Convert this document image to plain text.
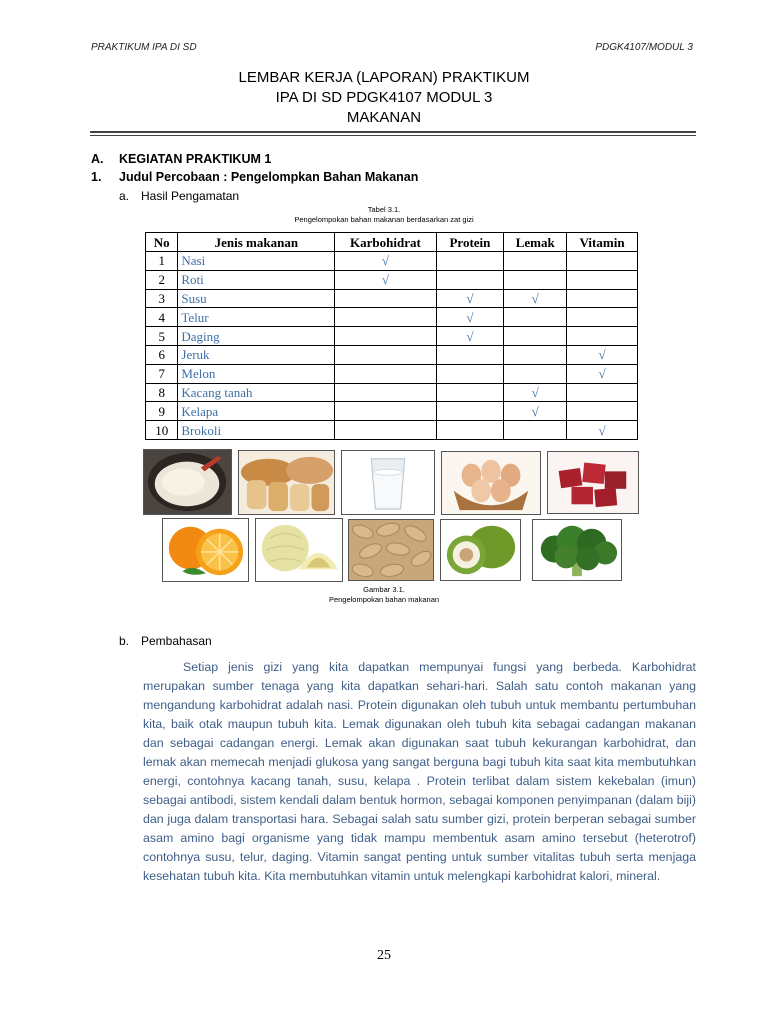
PRAKTIKUM IPA DI SD	PDGK4107/MODUL 3
LEMBAR KERJA (LAPORAN) PRAKTIKUM
IPA DI SD PDGK4107 MODUL 3
MAKANAN
A. KEGIATAN PRAKTIKUM 1
1. Judul Percobaan : Pengelompkan Bahan Makanan
a. Hasil Pengamatan
Tabel 3.1.
Pengelompokan bahan makanan berdasarkan zat gizi
No	Jenis makanan	Karbohidrat	Protein	Lemak	Vitamin
1	Nasi	√			
2	Roti	√			
3	Susu		√	√	
4	Telur		√		
5	Daging		√		
6	Jeruk				√
7	Melon				√
8	Kacang tanah			√	
9	Kelapa			√	
10	Brokoli				√
Gambar 3.1.
Pengelompokan bahan makanan
b. Pembahasan

Setiap jenis gizi yang kita dapatkan mempunyai fungsi yang berbeda. Karbohidrat merupakan sumber tenaga yang kita dapatkan sehari-hari. Salah satu contoh makanan yang mengandung karbohidrat adalah nasi. Protein digunakan oleh tubuh untuk membantu pertumbuhan kita, baik otak maupun tubuh kita. Lemak digunakan oleh tubuh kita sebagai cadangan makanan dan sebagai cadangan energi. Lemak akan digunakan saat tubuh kekurangan karbohidrat, dan lemak akan memecah menjadi glukosa yang sangat berguna bagi tubuh kita saat kita membutuhkan energi, contohnya kacang tanah, susu, kelapa . Protein terlibat dalam sistem kekebalan (imun) sebagai antibodi, sistem kendali dalam bentuk hormon, sebagai komponen penyimpanan (dalam biji) dan juga dalam transportasi hara. Sebagai salah satu sumber gizi, protein berperan sebagai sumber asam amino bagi organisme yang tidak mampu membentuk asam amino tersebut (heterotrof) contohnya susu, telur, daging. Vitamin sangat penting untuk sumber vitalitas tubuh serta menjaga kesehatan tubuh kita. Kita membutuhkan vitamin untuk melengkapi karbohidrat kalori, mineral.

25
